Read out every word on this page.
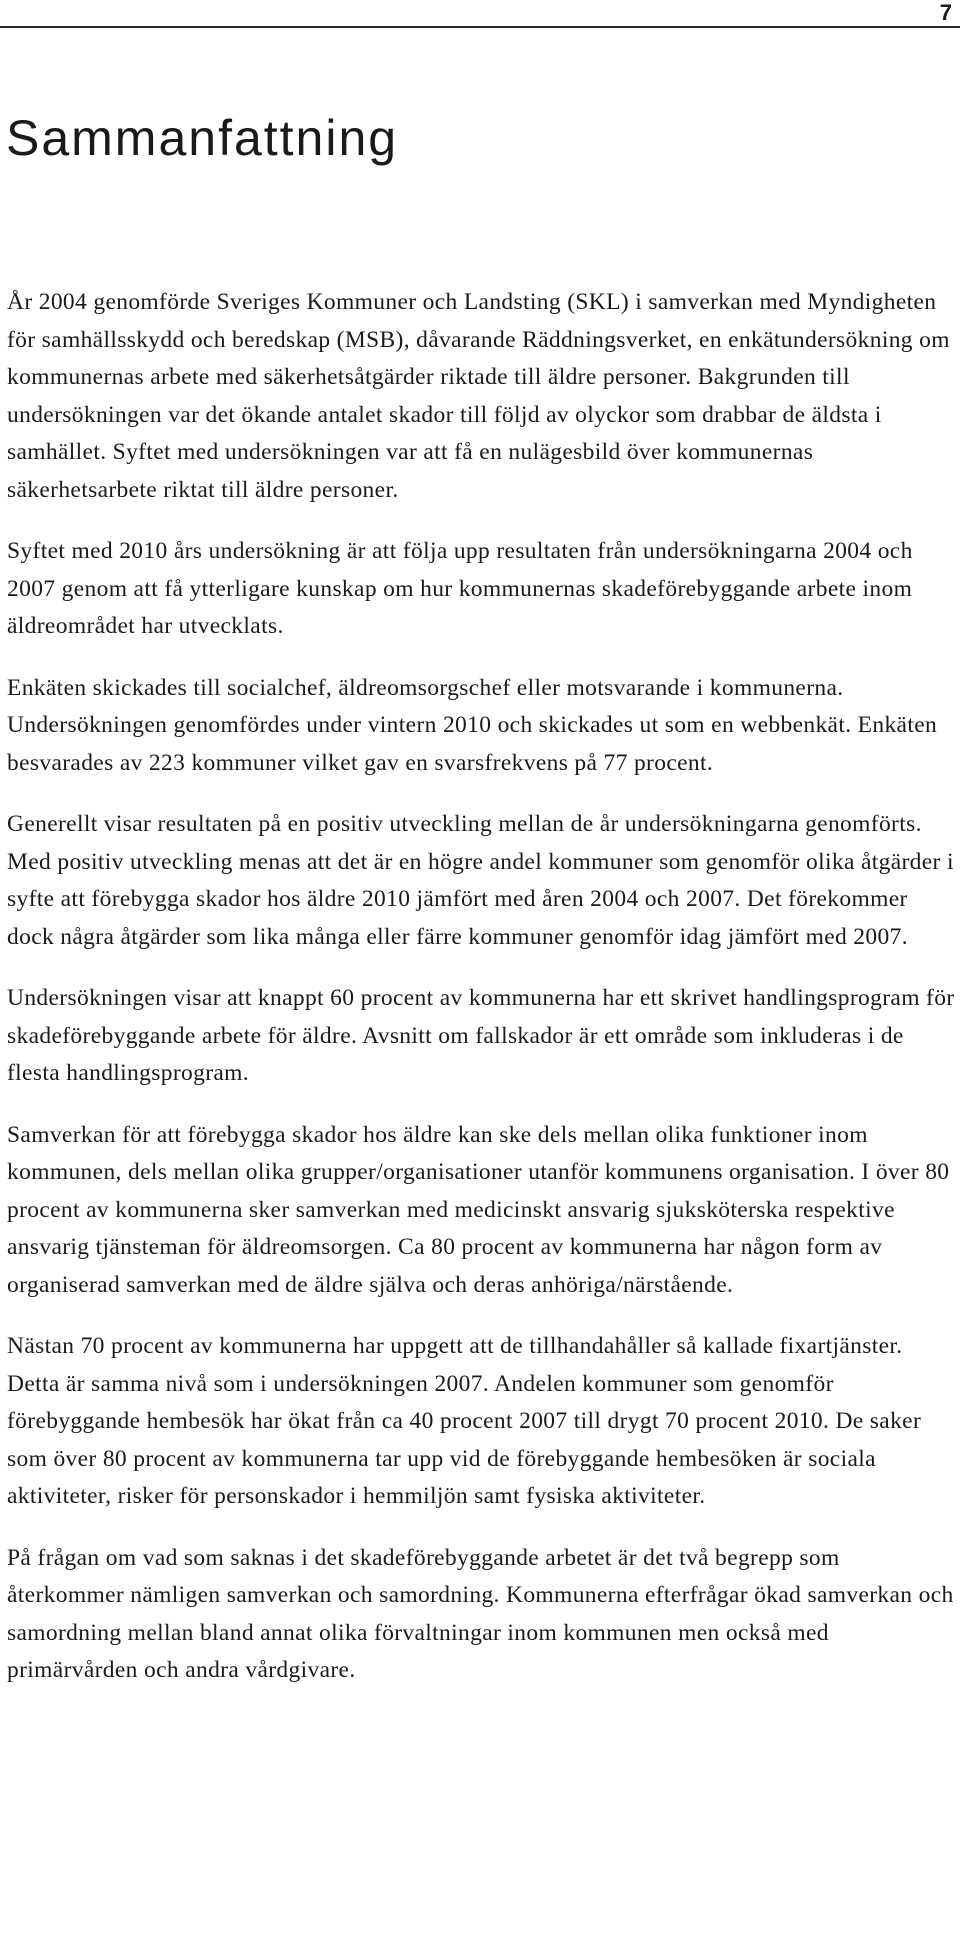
7
Sammanfattning

År 2004 genomförde Sveriges Kommuner och Landsting (SKL) i samverkan med Myndigheten för samhällsskydd och beredskap (MSB), dåvarande Räddningsverket, en enkätundersökning om kommunernas arbete med säkerhetsåtgärder riktade till äldre personer. Bakgrunden till undersökningen var det ökande antalet skador till följd av olyckor som drabbar de äldsta i samhället. Syftet med undersökningen var att få en nulägesbild över kommunernas säkerhetsarbete riktat till äldre personer.

Syftet med 2010 års undersökning är att följa upp resultaten från undersökningarna 2004 och 2007 genom att få ytterligare kunskap om hur kommunernas skadeförebyggande arbete inom äldreområdet har utvecklats.

Enkäten skickades till socialchef, äldreomsorgschef eller motsvarande i kommunerna. Undersökningen genomfördes under vintern 2010 och skickades ut som en webbenkät. Enkäten besvarades av 223 kommuner vilket gav en svarsfrekvens på 77 procent.

Generellt visar resultaten på en positiv utveckling mellan de år undersökningarna genomförts. Med positiv utveckling menas att det är en högre andel kommuner som genomför olika åtgärder i syfte att förebygga skador hos äldre 2010 jämfört med åren 2004 och 2007. Det förekommer dock några åtgärder som lika många eller färre kommuner genomför idag jämfört med 2007.

Undersökningen visar att knappt 60 procent av kommunerna har ett skrivet handlingsprogram för skadeförebyggande arbete för äldre. Avsnitt om fallskador är ett område som inkluderas i de flesta handlingsprogram.

Samverkan för att förebygga skador hos äldre kan ske dels mellan olika funktioner inom kommunen, dels mellan olika grupper/organisationer utanför kommunens organisation. I över 80 procent av kommunerna sker samverkan med medicinskt ansvarig sjuksköterska respektive ansvarig tjänsteman för äldreomsorgen. Ca 80 procent av kommunerna har någon form av organiserad samverkan med de äldre själva och deras anhöriga/närstående.

Nästan 70 procent av kommunerna har uppgett att de tillhandahåller så kallade fixartjänster. Detta är samma nivå som i undersökningen 2007. Andelen kommuner som genomför förebyggande hembesök har ökat från ca 40 procent 2007 till drygt 70 procent 2010. De saker som över 80 procent av kommunerna tar upp vid de förebyggande hembesöken är sociala aktiviteter, risker för personskador i hemmiljön samt fysiska aktiviteter.

På frågan om vad som saknas i det skadeförebyggande arbetet är det två begrepp som återkommer nämligen samverkan och samordning. Kommunerna efterfrågar ökad samverkan och samordning mellan bland annat olika förvaltningar inom kommunen men också med primärvården och andra vårdgivare.
